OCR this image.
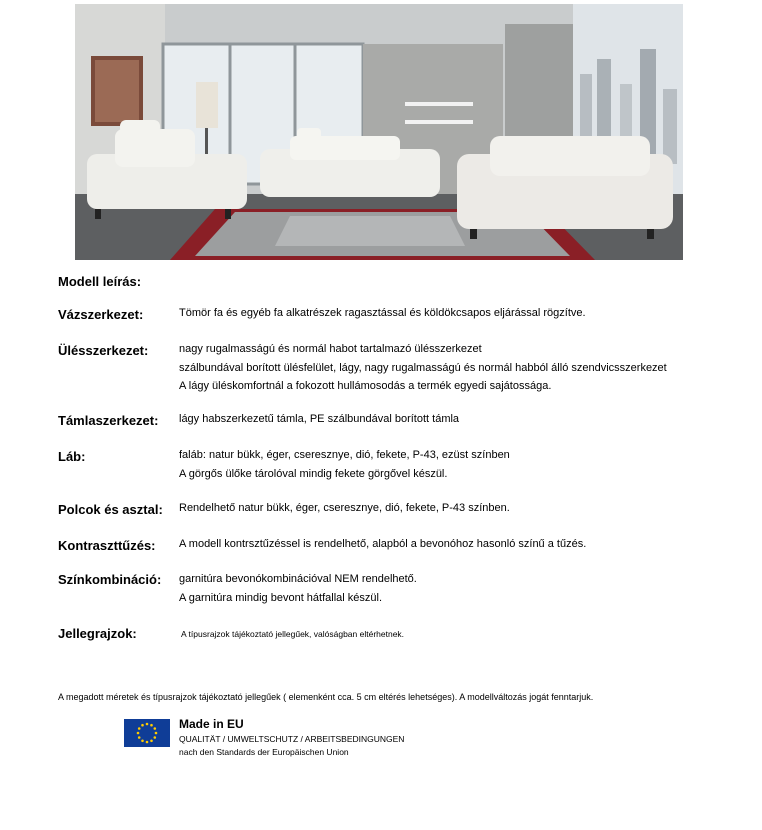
Modell leírás:
Vázszerkezet:	Tömör fa és egyéb fa alkatrészek ragasztással és köldökcsapos eljárással rögzítve.
Ülésszerkezet:	nagy rugalmasságú és normál habot tartalmazó ülésszerkezet
szálbundával borított ülésfelület, lágy, nagy rugalmasságú és normál habból álló szendvicsszerkezet
A lágy üléskomfortnál a fokozott hullámosodás a termék egyedi sajátossága.
Támlaszerkezet: lágy habszerkezetű támla, PE szálbundával borított támla
Láb:	faláb: natur bükk, éger, cseresznye, dió, fekete, P-43, ezüst színben
A görgős ülőke tárolóval mindig fekete görgővel készül.
Polcok és asztal: Rendelhető natur bükk, éger, cseresznye, dió, fekete, P-43 színben.
Kontraszttűzés: A modell kontrsztűzéssel is rendelhető, alapból a bevonóhoz hasonló színű a tűzés.
Színkombináció: garnitúra bevonókombinációval NEM rendelhető.
A garnitúra mindig bevont hátfallal készül.
Jellegrajzok:	A típusrajzok tájékoztató jellegűek, valóságban eltérhetnek.
A megadott méretek és típusrajzok tájékoztató jellegűek ( elemenként cca. 5 cm eltérés lehetséges). A modellváltozás jogát fenntarjuk.
Made in EU
QUALITÄT / UMWELTSCHUTZ / ARBEITSBEDINGUNGEN
nach den Standards der Europäischen Union
